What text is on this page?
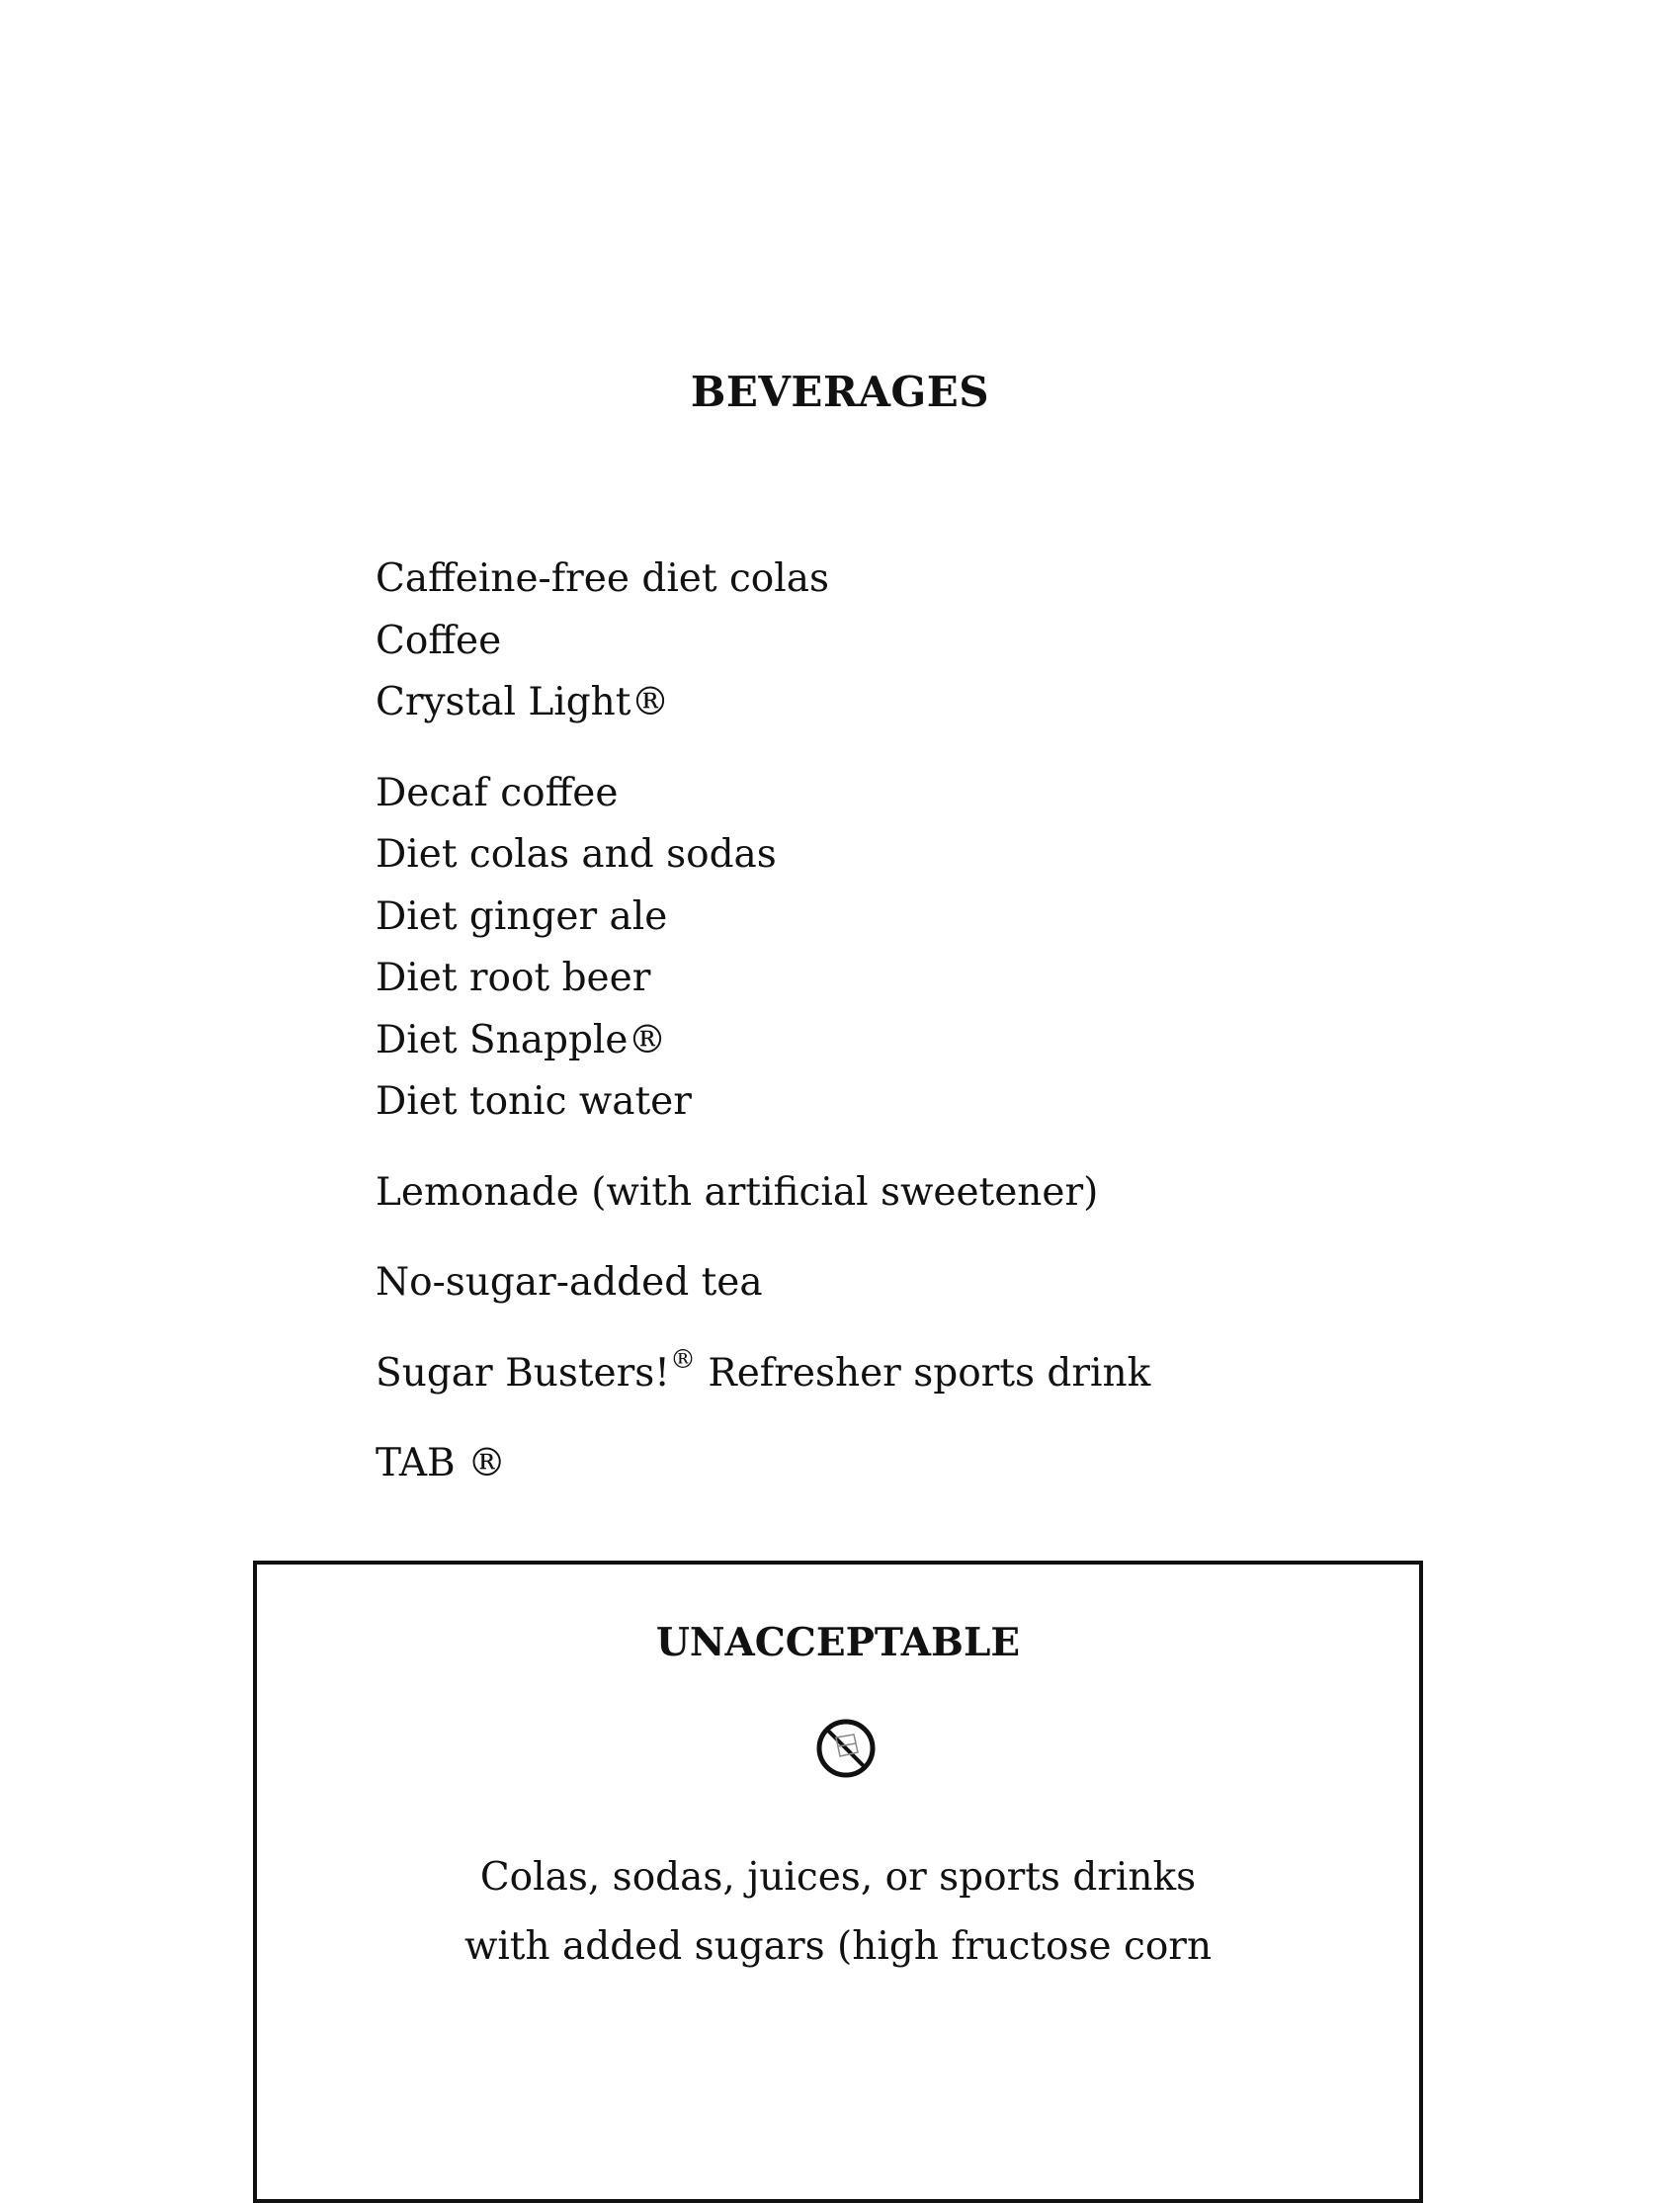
BEVERAGES
Caffeine-free diet colas
Coffee
Crystal Light®
Decaf coffee
Diet colas and sodas
Diet ginger ale
Diet root beer
Diet Snapple®
Diet tonic water
Lemonade (with artificial sweetener)
No-sugar-added tea
Sugar Busters!® Refresher sports drink
TAB ®
UNACCEPTABLE

Colas, sodas, juices, or sports drinks
with added sugars (high fructose corn
